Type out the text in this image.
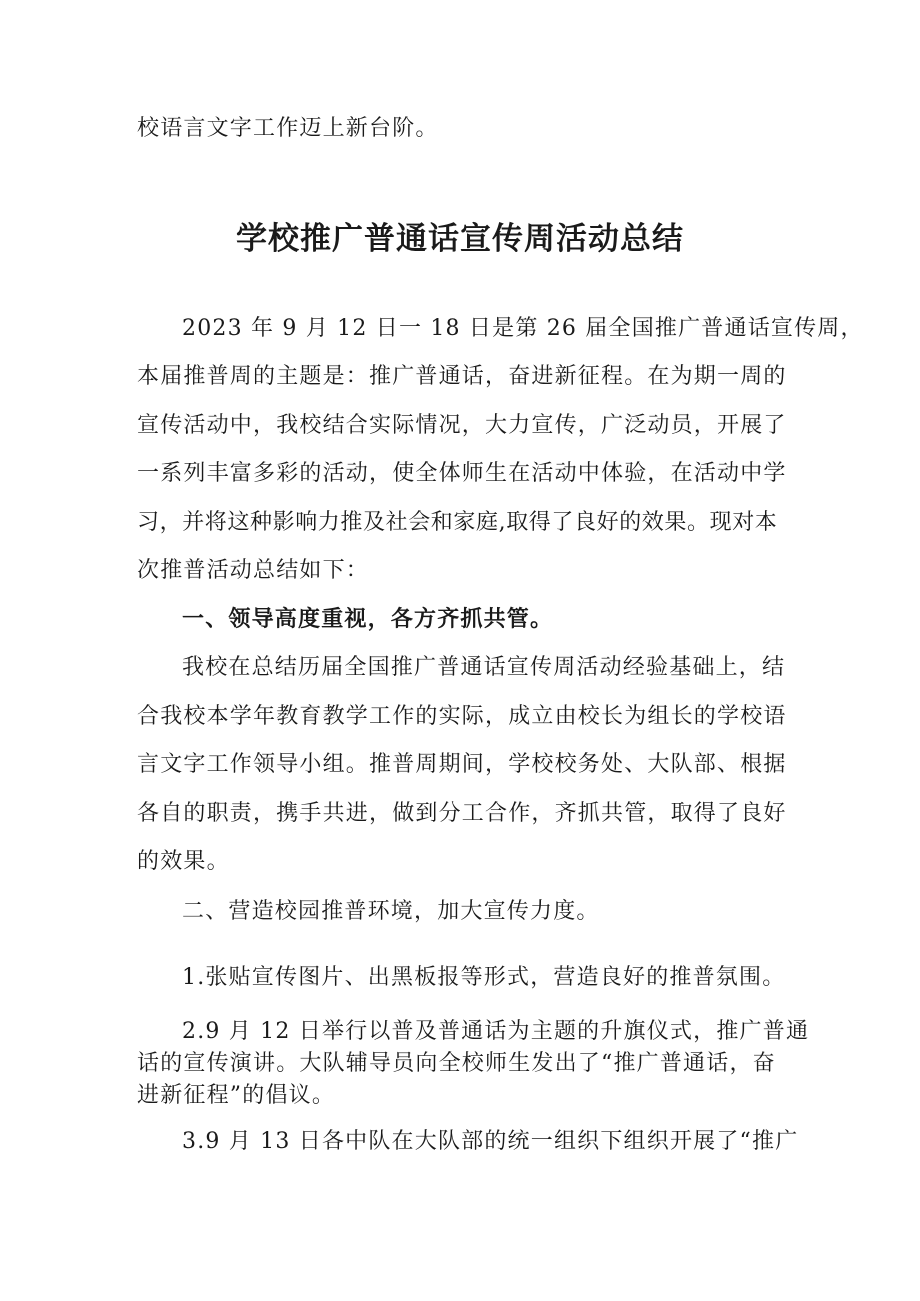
校语言文字工作迈上新台阶。
学校推广普通话宣传周活动总结
2023 年 9 月 12 日一 18 日是第 26 届全国推广普通话宣传周，
本届推普周的主题是：推广普通话，奋进新征程。在为期一周的
宣传活动中，我校结合实际情况，大力宣传，广泛动员，开展了
一系列丰富多彩的活动，使全体师生在活动中体验，在活动中学
习，并将这种影响力推及社会和家庭,取得了良好的效果。现对本
次推普活动总结如下：
一、领导高度重视，各方齐抓共管。
我校在总结历届全国推广普通话宣传周活动经验基础上，结
合我校本学年教育教学工作的实际，成立由校长为组长的学校语
言文字工作领导小组。推普周期间，学校校务处、大队部、根据
各自的职责，携手共进，做到分工合作，齐抓共管，取得了良好
的效果。
二、营造校园推普环境，加大宣传力度。
1.张贴宣传图片、出黑板报等形式，营造良好的推普氛围。
2.9 月 12 日举行以普及普通话为主题的升旗仪式，推广普通
话的宣传演讲。大队辅导员向全校师生发出了“推广普通话，奋
进新征程”的倡议。
3.9 月 13 日各中队在大队部的统一组织下组织开展了“推广
